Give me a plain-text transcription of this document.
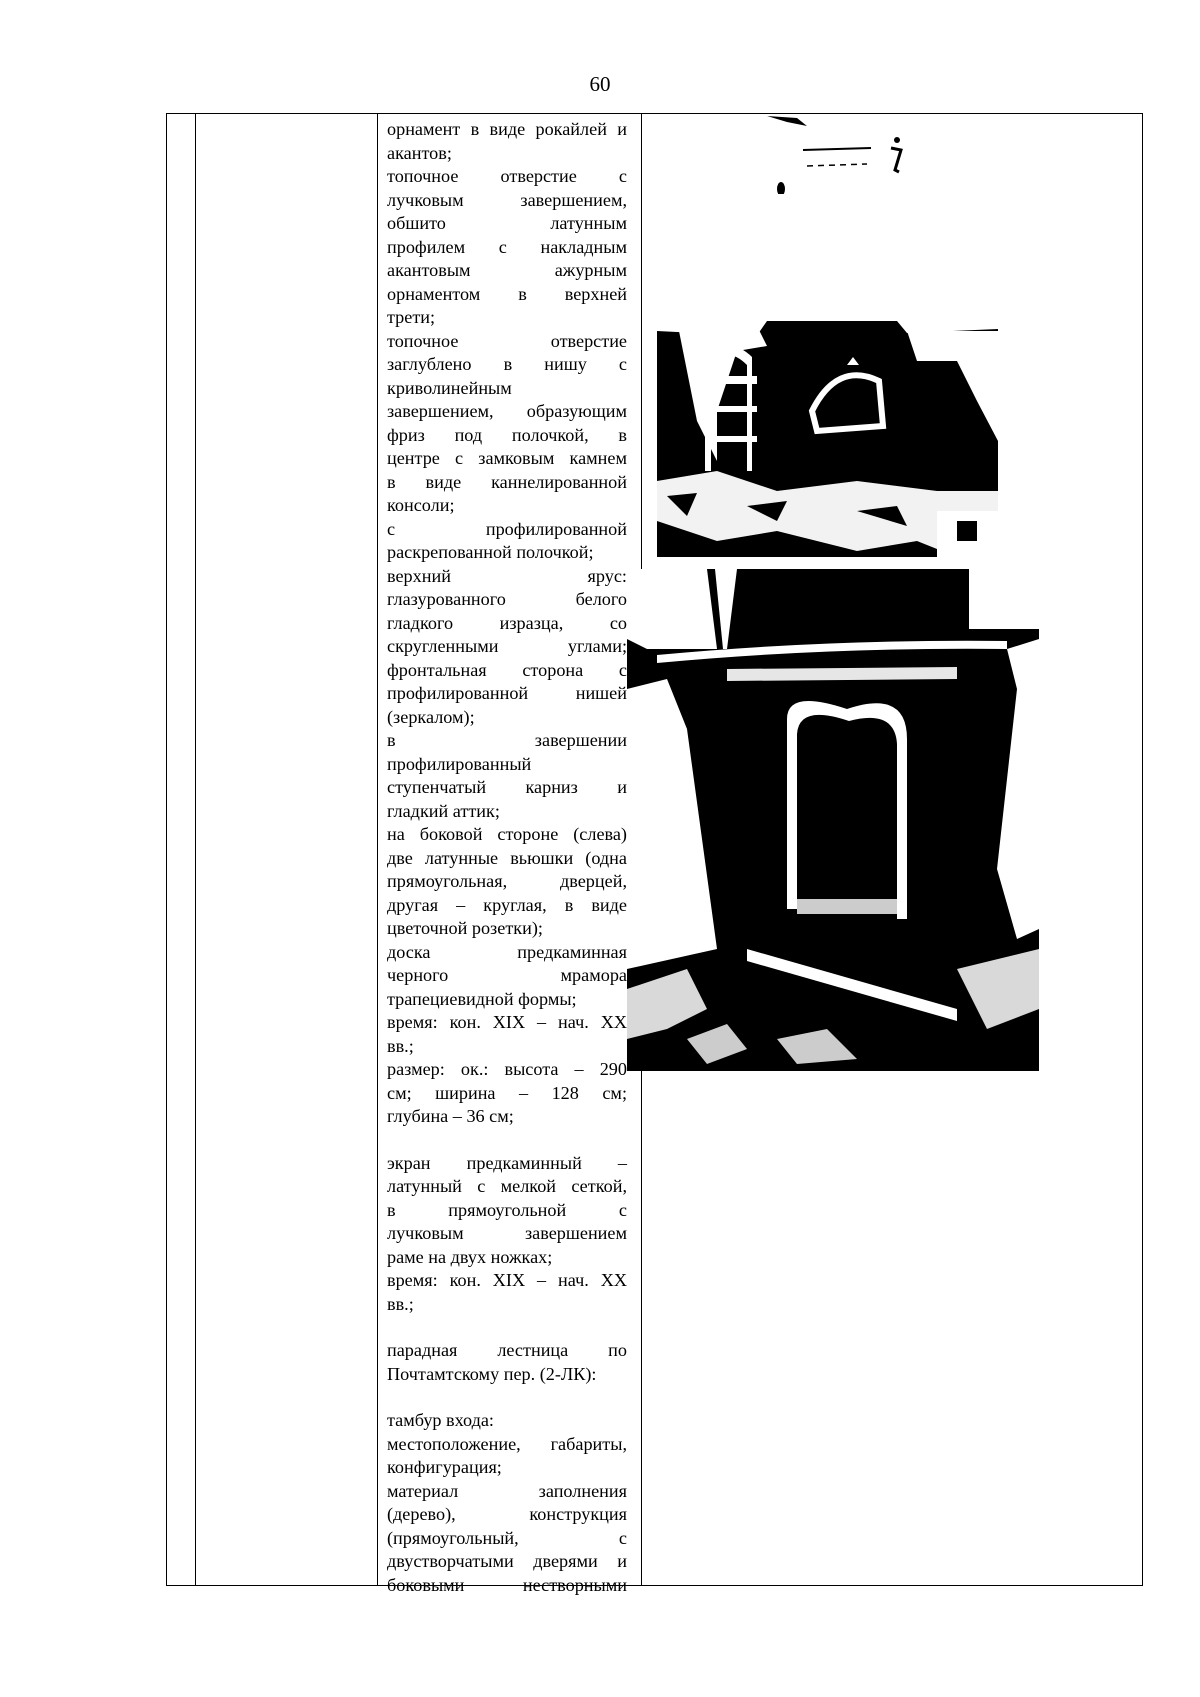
60

орнамент в виде рокайлей и

акантов;

топочное отверстие с

лучковым завершением,

обшито латунным

профилем с накладным

акантовым ажурным

орнаментом в верхней

трети;

топочное отверстие

заглублено в нишу с

криволинейным

завершением, образующим

фриз под полочкой, в

центре с замковым камнем

в виде каннелированной

консоли;

с профилированной

раскрепованной полочкой;

верхний ярус:

глазурованного белого

гладкого изразца, со

скругленными углами;

фронтальная сторона с

профилированной нишей

(зеркалом);

в завершении

профилированный

ступенчатый карниз и

гладкий аттик;

на боковой стороне (слева)

две латунные вьюшки (одна

прямоугольная, дверцей,

другая – круглая, в виде

цветочной розетки);

доска предкаминная

черного мрамора

трапециевидной формы;

время: кон. XIX – нач. XX

вв.;

размер: ок.: высота – 290

см; ширина – 128 см;

глубина – 36 см;

экран предкаминный –

латунный с мелкой сеткой,

в прямоугольной с

лучковым завершением

раме на двух ножках;

время: кон. XIX – нач. XX

вв.;

парадная лестница по

Почтамтскому пер. (2-ЛК):

тамбур входа:

местоположение, габариты,

конфигурация;

материал заполнения

(дерево), конструкция

(прямоугольный, с

двустворчатыми дверями и

боковыми нестворными
